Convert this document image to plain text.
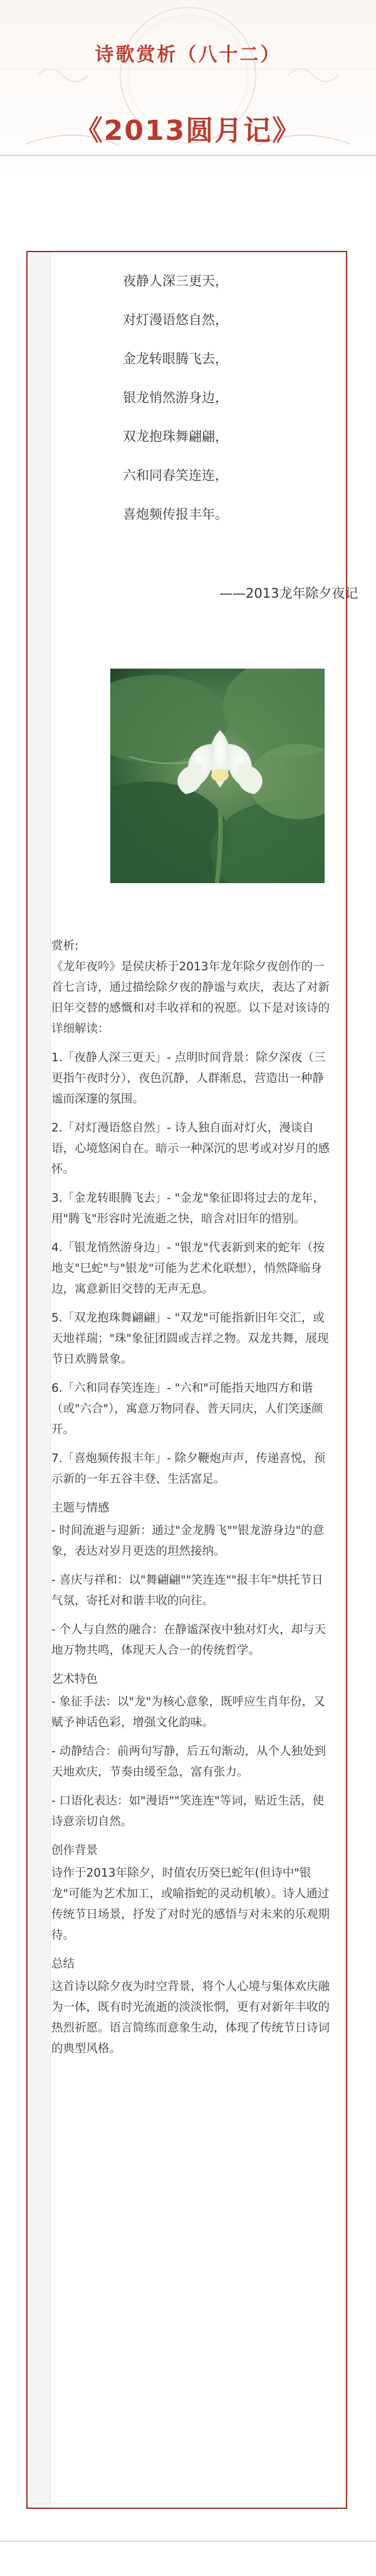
诗歌赏析（八十二）
《2013圆月记》
夜静人深三更天，
对灯漫语悠自然，
金龙转眼腾飞去，
银龙悄然游身边，
双龙抱珠舞翩翩，
六和同春笑连连，
喜炮频传报丰年。
——2013龙年除夕夜记

赏析:

《龙年夜吟》是侯庆桥于2013年龙年除夕夜创作的一首七言诗，通过描绘除夕夜的静谧与欢庆，表达了对新旧年交替的感慨和对丰收祥和的祝愿。以下是对该诗的详细解读：

1.「夜静人深三更天」- 点明时间背景：除夕深夜（三更指午夜时分），夜色沉静，人群渐息，营造出一种静谧而深邃的氛围。

2.「对灯漫语悠自然」- 诗人独自面对灯火，漫谈自语，心境悠闲自在。暗示一种深沉的思考或对岁月的感怀。

3.「金龙转眼腾飞去」- "金龙"象征即将过去的龙年，用"腾飞"形容时光流逝之快，暗含对旧年的惜别。

4.「银龙悄然游身边」- "银龙"代表新到来的蛇年（按地支"巳蛇"与"银龙"可能为艺术化联想），悄然降临身边，寓意新旧交替的无声无息。

5.「双龙抱珠舞翩翩」- "双龙"可能指新旧年交汇，或天地祥瑞；"珠"象征团圆或吉祥之物。双龙共舞，展现节日欢腾景象。

6.「六和同春笑连连」- "六和"可能指天地四方和谐（或"六合"），寓意万物同春、普天同庆，人们笑逐颜开。

7.「喜炮频传报丰年」- 除夕鞭炮声声，传递喜悦，预示新的一年五谷丰登、生活富足。

主题与情感

- 时间流逝与迎新：通过"金龙腾飞""银龙游身边"的意象，表达对岁月更迭的坦然接纳。

- 喜庆与祥和：以"舞翩翩""笑连连""报丰年"烘托节日气氛，寄托对和谐丰收的向往。

- 个人与自然的融合：在静谧深夜中独对灯火，却与天地万物共鸣，体现天人合一的传统哲学。

艺术特色

- 象征手法：以"龙"为核心意象，既呼应生肖年份，又赋予神话色彩，增强文化韵味。

- 动静结合：前两句写静，后五句渐动，从个人独处到天地欢庆，节奏由缓至急，富有张力。

- 口语化表达：如"漫语""笑连连"等词，贴近生活，使诗意亲切自然。

创作背景

诗作于2013年除夕，时值农历癸巳蛇年(但诗中"银龙"可能为艺术加工，或喻指蛇的灵动机敏）。诗人通过传统节日场景，抒发了对时光的感悟与对未来的乐观期待。

总结

这首诗以除夕夜为时空背景，将个人心境与集体欢庆融为一体，既有时光流逝的淡淡怅惘，更有对新年丰收的热烈祈愿。语言简练而意象生动，体现了传统节日诗词的典型风格。
